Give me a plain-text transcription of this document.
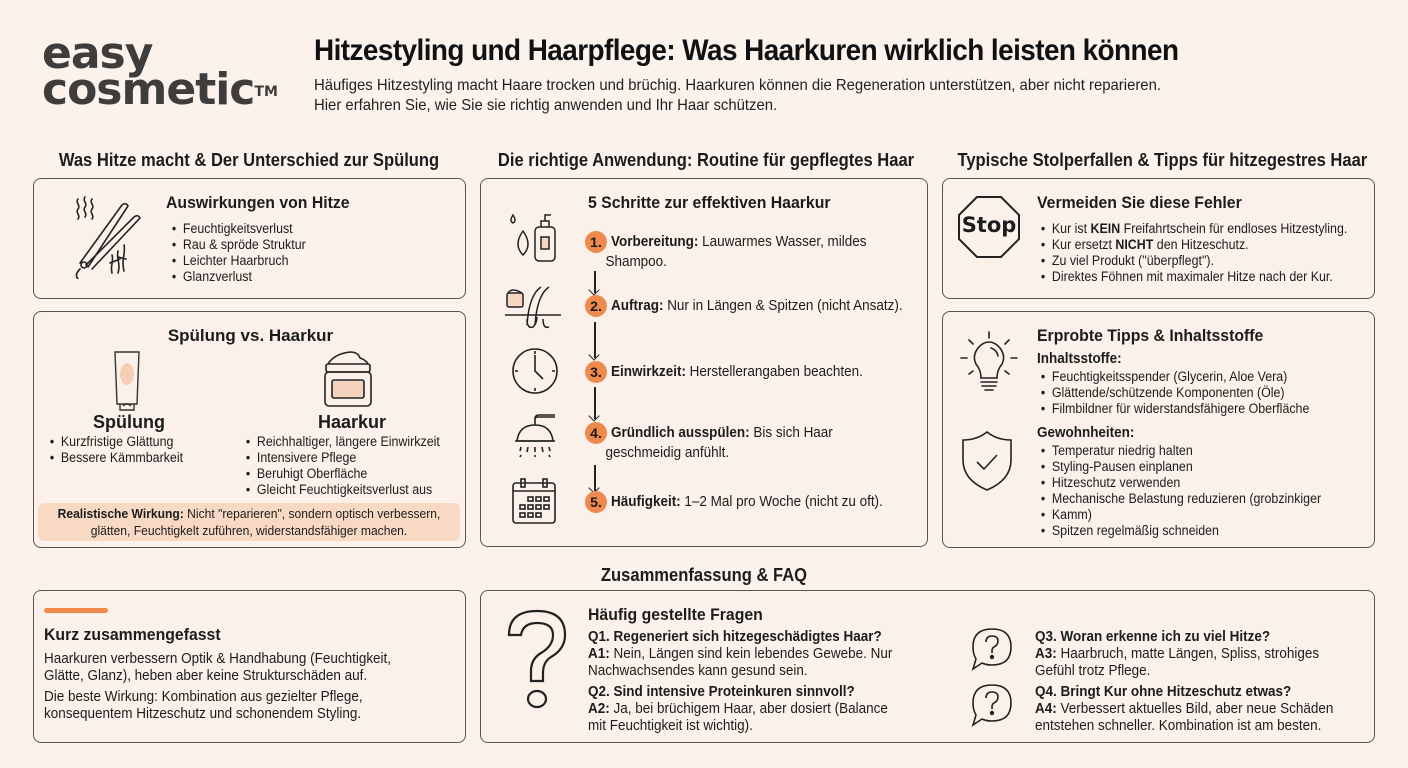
easy
cosmetic™
Hitzestyling und Haarpflege: Was Haarkuren wirklich leisten können
Häufiges Hitzestyling macht Haare trocken und brüchig. Haarkuren können die Regeneration unterstützen, aber nicht reparieren.
Hier erfahren Sie, wie Sie sie richtig anwenden und Ihr Haar schützen.
Was Hitze macht & Der Unterschied zur Spülung	Die richtige Anwendung: Routine für gepflegtes Haar Typische Stolperfallen & Tipps für hitzegestres Haar
Auswirkungen von Hitze
• Feuchtigkeitsverlust
• Rau & spröde Struktur
• Leichter Haarbruch
• Glanzverlust
Spülung vs. Haarkur
Spülung	Haarkur
• Kurzfristige Glättung
• Bessere Kämmbarkeit
• Reichhaltiger, längere Einwirkzeit
• Intensivere Pflege
• Beruhigt Oberfläche
• Gleicht Feuchtigkeitsverlust aus
Realistische Wirkung: Nicht "reparieren", sondern optisch verbessern,
glätten, Feuchtigkelt zuführen, widerstandsfähiger machen.
5 Schritte zur effektiven Haarkur
1. Vorbereitung: Lauwarmes Wasser, mildes
Shampoo.
2. Auftrag: Nur in Längen & Spitzen (nicht Ansatz).
3. Einwirkzeit: Herstellerangaben beachten.
4. Gründlich ausspülen: Bis sich Haar
geschmeidig anfühlt.
5. Häufigkeit: 1–2 Mal pro Woche (nicht zu oft).
Stop
Vermeiden Sie diese Fehler
• Kur ist KEIN Freifahrtschein für endloses Hitzestyling.
• Kur ersetzt NICHT den Hitzeschutz.
• Zu viel Produkt ("überpflegt").
• Direktes Föhnen mit maximaler Hitze nach der Kur.
Erprobte Tipps & Inhaltsstoffe
Inhaltsstoffe:
• Feuchtigkeitsspender (Glycerin, Aloe Vera)
• Glättende/schützende Komponenten (Öle)
• Filmbildner für widerstandsfähigere Oberfläche
Gewohnheiten:
• Temperatur niedrig halten
• Styling-Pausen einplanen
• Hitzeschutz verwenden
• Mechanische Belastung reduzieren (grobzinkiger
• Kamm)
• Spitzen regelmäßig schneiden
Zusammenfassung & FAQ
Kurz zusammengefasst
Haarkuren verbessern Optik & Handhabung (Feuchtigkeit,
Glätte, Glanz), heben aber keine Strukturschäden auf.
Die beste Wirkung: Kombination aus gezielter Pflege,
konsequentem Hitzeschutz und schonendem Styling.
Häufig gestellte Fragen
Q1. Regeneriert sich hitzegeschädigtes Haar?
A1: Nein, Längen sind kein lebendes Gewebe. Nur
Nachwachsendes kann gesund sein.
Q2. Sind intensive Proteinkuren sinnvoll?
A2: Ja, bei brüchigem Haar, aber dosiert (Balance
mit Feuchtigkeit ist wichtig).
Q3. Woran erkenne ich zu viel Hitze?
A3: Haarbruch, matte Längen, Spliss, strohiges
Gefühl trotz Pflege.
Q4. Bringt Kur ohne Hitzeschutz etwas?
A4: Verbessert aktuelles Bild, aber neue Schäden
entstehen schneller. Kombination ist am besten.
